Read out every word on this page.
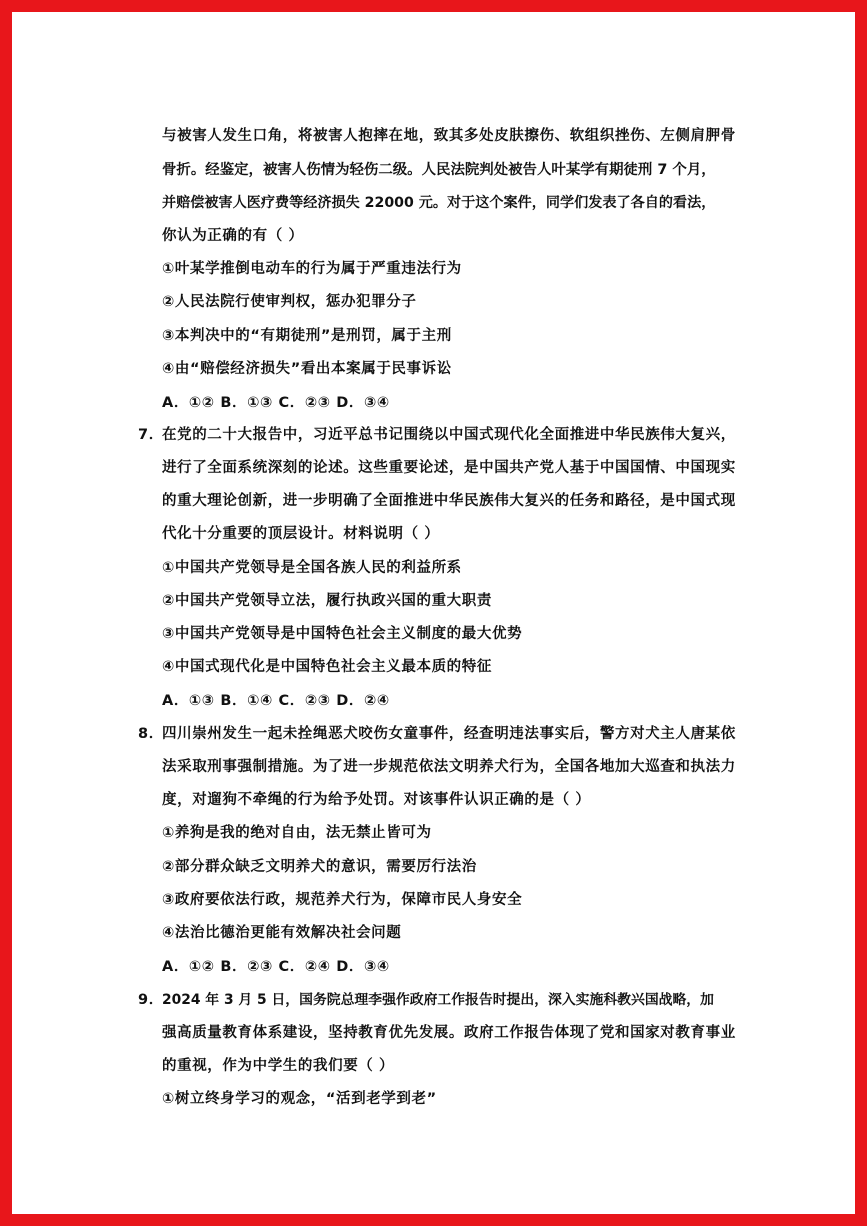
与被害人发生口角，将被害人抱摔在地，致其多处皮肤擦伤、软组织挫伤、左侧肩胛骨
骨折。经鉴定，被害人伤情为轻伤二级。人民法院判处被告人叶某学有期徒刑 7 个月，
并赔偿被害人医疗费等经济损失 22000 元。对于这个案件，同学们发表了各自的看法，
你认为正确的有（ ）
①叶某学推倒电动车的行为属于严重违法行为
②人民法院行使审判权，惩办犯罪分子
③本判决中的“有期徒刑”是刑罚，属于主刑
④由“赔偿经济损失”看出本案属于民事诉讼
A．①② B．①③ C．②③ D．③④
7．
在党的二十大报告中，习近平总书记围绕以中国式现代化全面推进中华民族伟大复兴，
进行了全面系统深刻的论述。这些重要论述，是中国共产党人基于中国国情、中国现实
的重大理论创新，进一步明确了全面推进中华民族伟大复兴的任务和路径，是中国式现
代化十分重要的顶层设计。材料说明（ ）
①中国共产党领导是全国各族人民的利益所系
②中国共产党领导立法，履行执政兴国的重大职责
③中国共产党领导是中国特色社会主义制度的最大优势
④中国式现代化是中国特色社会主义最本质的特征
A．①③ B．①④ C．②③ D．②④
8．
四川崇州发生一起未拴绳恶犬咬伤女童事件，经查明违法事实后，警方对犬主人唐某依
法采取刑事强制措施。为了进一步规范依法文明养犬行为，全国各地加大巡查和执法力
度，对遛狗不牵绳的行为给予处罚。对该事件认识正确的是（ ）
①养狗是我的绝对自由，法无禁止皆可为
②部分群众缺乏文明养犬的意识，需要厉行法治
③政府要依法行政，规范养犬行为，保障市民人身安全
④法治比德治更能有效解决社会问题
A．①② B．②③ C．②④ D．③④
9．
2024 年 3 月 5 日，国务院总理李强作政府工作报告时提出，深入实施科教兴国战略，加
强高质量教育体系建设，坚持教育优先发展。政府工作报告体现了党和国家对教育事业
的重视，作为中学生的我们要（ ）
①树立终身学习的观念，“活到老学到老”
